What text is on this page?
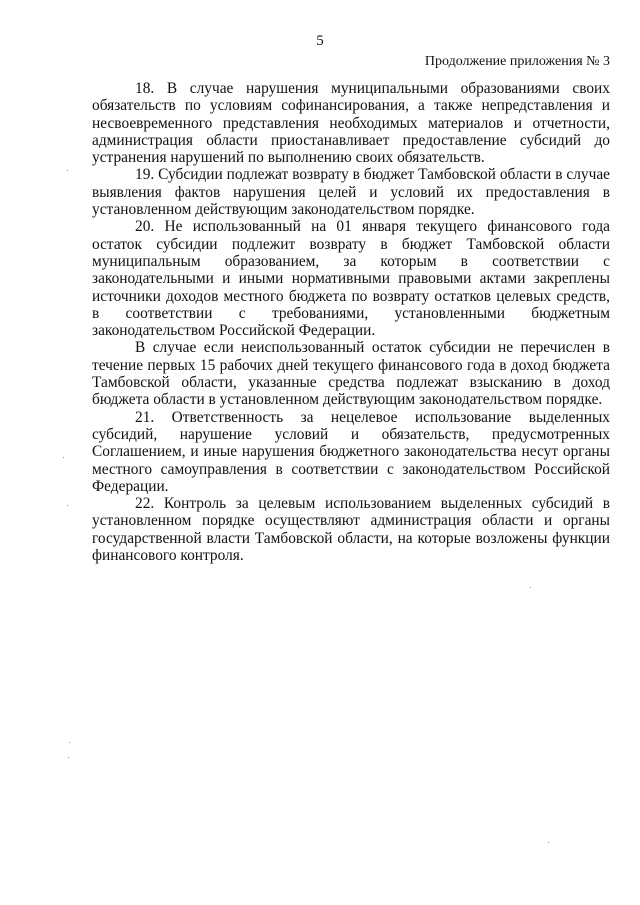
5
Продолжение приложения № 3

18. В случае нарушения муниципальными образованиями своих обязательств по условиям софинансирования, а также непредставления и несвоевременного представления необходимых материалов и отчетности, администрация области приостанавливает предоставление субсидий до устранения нарушений по выполнению своих обязательств.

19. Субсидии подлежат возврату в бюджет Тамбовской области в случае выявления фактов нарушения целей и условий их предоставления в установленном действующим законодательством порядке.

20. Не использованный на 01 января текущего финансового года остаток субсидии подлежит возврату в бюджет Тамбовской области муниципальным образованием, за которым в соответствии с законодательными и иными нормативными правовыми актами закреплены источники доходов местного бюджета по возврату остатков целевых средств, в соответствии с требованиями, установленными бюджетным законодательством Российской Федерации.

В случае если неиспользованный остаток субсидии не перечислен в течение первых 15 рабочих дней текущего финансового года в доход бюджета Тамбовской области, указанные средства подлежат взысканию в доход бюджета области в установленном действующим законодательством порядке.

21. Ответственность за нецелевое использование выделенных субсидий, нарушение условий и обязательств, предусмотренных Соглашением, и иные нарушения бюджетного законодательства несут органы местного самоуправления в соответствии с законодательством Российской Федерации.

22. Контроль за целевым использованием выделенных субсидий в установленном порядке осуществляют администрация области и органы государственной власти Тамбовской области, на которые возложены функции финансового контроля.
